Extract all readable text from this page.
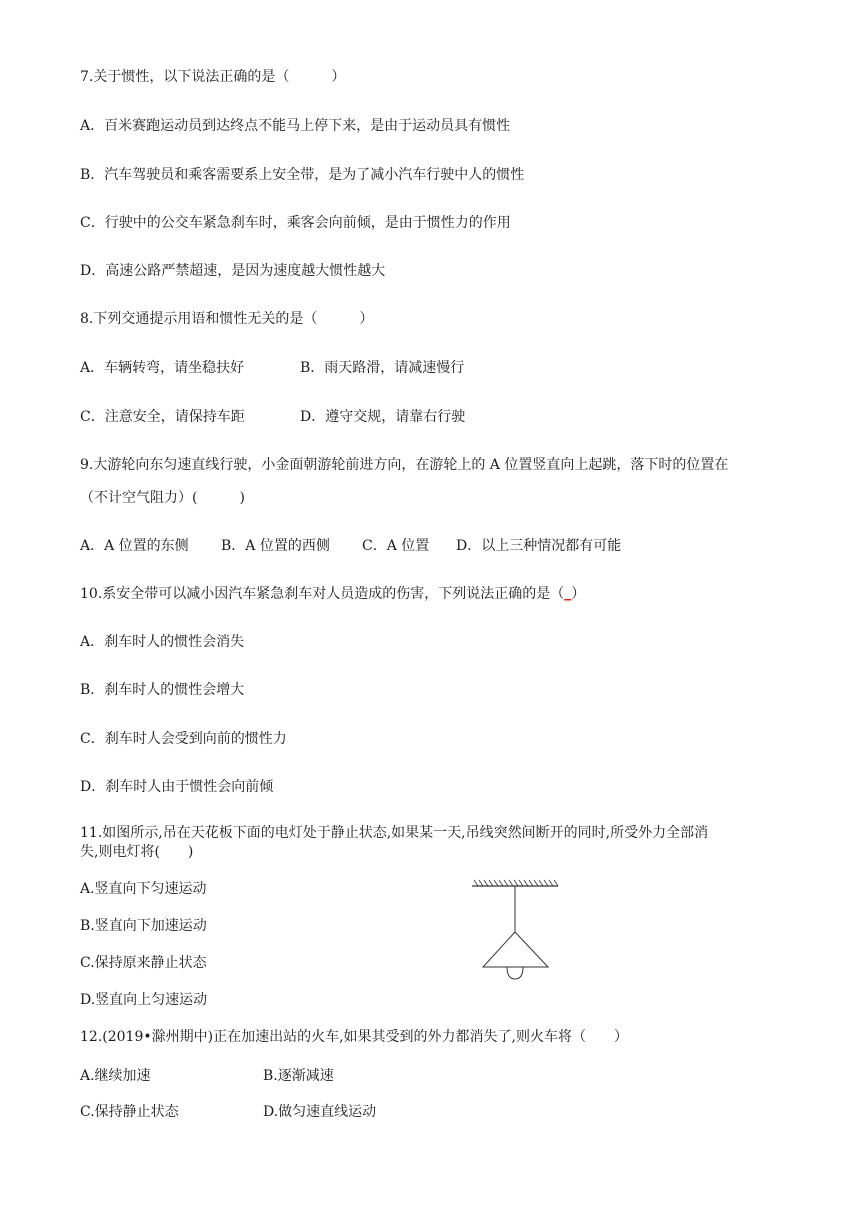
7.关于惯性，以下说法正确的是（　　　）
A．百米赛跑运动员到达终点不能马上停下来，是由于运动员具有惯性
B．汽车驾驶员和乘客需要系上安全带，是为了减小汽车行驶中人的惯性
C．行驶中的公交车紧急刹车时，乘客会向前倾，是由于惯性力的作用
D．高速公路严禁超速，是因为速度越大惯性越大
8.下列交通提示用语和惯性无关的是（　　　）
A．车辆转弯，请坐稳扶好	B．雨天路滑，请减速慢行
C．注意安全，请保持车距	D．遵守交规，请靠右行驶
9.大游轮向东匀速直线行驶，小金面朝游轮前进方向，在游轮上的 A 位置竖直向上起跳，落下时的位置在
（不计空气阻力）(　　　)
A．A 位置的东侧 B．A 位置的西侧 C．A 位置 D．以上三种情况都有可能
10.系安全带可以减小因汽车紧急刹车对人员造成的伤害，下列说法正确的是（_）
A．刹车时人的惯性会消失
B．刹车时人的惯性会增大
C．刹车时人会受到向前的惯性力
D．刹车时人由于惯性会向前倾
11.如图所示,吊在天花板下面的电灯处于静止状态,如果某一天,吊线突然间断开的同时,所受外力全部消
失,则电灯将(　　)
A.竖直向下匀速运动
B.竖直向下加速运动
C.保持原来静止状态
D.竖直向上匀速运动
12.(2019•滁州期中)正在加速出站的火车,如果其受到的外力都消失了,则火车将（　　）
A.继续加速	B.逐渐减速
C.保持静止状态	D.做匀速直线运动
